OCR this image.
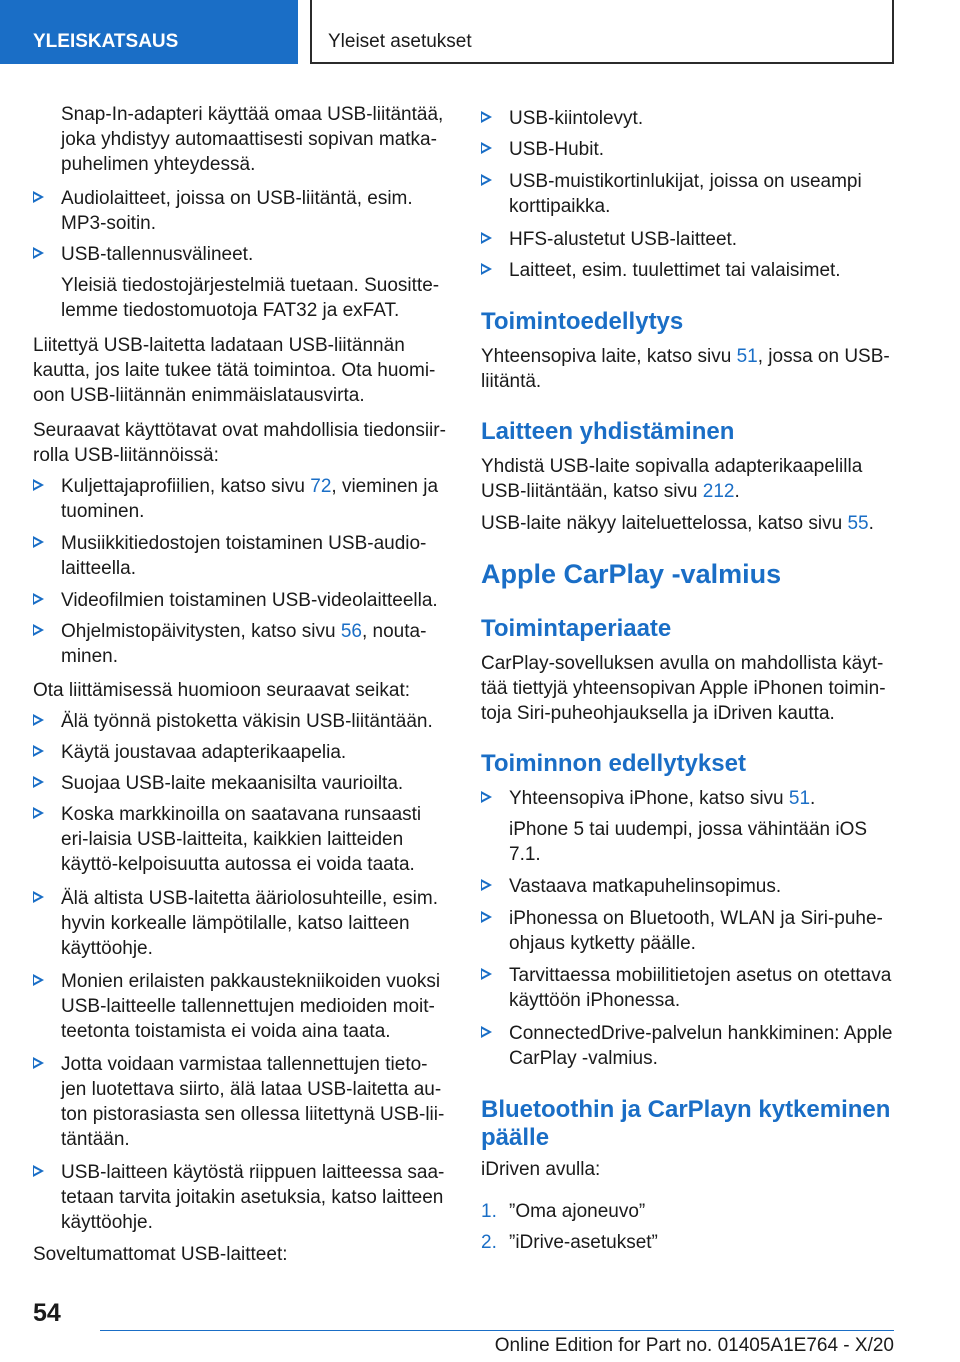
YLEISKATSAUS	Yleiset asetukset

Snap-In-adapteri käyttää omaa USB-liitäntää, joka yhdistyy automaattisesti sopivan matka-puhelimen yhteydessä.

Audiolaitteet, joissa on USB-liitäntä, esim. MP3-soitin.
USB-tallennusvälineet.

Yleisiä tiedostojärjestelmiä tuetaan. Suositte-lemme tiedostomuotoja FAT32 ja exFAT.

Liitettyä USB-laitetta ladataan USB-liitännän kautta, jos laite tukee tätä toimintoa. Ota huomi-oon USB-liitännän enimmäislatausvirta.

Seuraavat käyttötavat ovat mahdollisia tiedonsiir-rolla USB-liitännöissä:

Kuljettajaprofiilien, katso sivu 72, vieminen ja tuominen.
Musiikkitiedostojen toistaminen USB-audio-laitteella.
Videofilmien toistaminen USB-videolaitteella.
Ohjelmistopäivitysten, katso sivu 56, nouta-minen.

Ota liittämisessä huomioon seuraavat seikat:

Älä työnnä pistoketta väkisin USB-liitäntään.
Käytä joustavaa adapterikaapelia.
Suojaa USB-laite mekaanisilta vaurioilta.
Koska markkinoilla on saatavana runsaasti eri-laisia USB-laitteita, kaikkien laitteiden käyttö-kelpoisuutta autossa ei voida taata.
Älä altista USB-laitetta ääriolosuhteille, esim. hyvin korkealle lämpötilalle, katso laitteen käyttöohje.
Monien erilaisten pakkaustekniikoiden vuoksi USB-laitteelle tallennettujen medioiden moit-teetonta toistamista ei voida aina taata.
Jotta voidaan varmistaa tallennettujen tieto-jen luotettava siirto, älä lataa USB-laitetta au-ton pistorasiasta sen ollessa liitettynä USB-lii-täntään.
USB-laitteen käytöstä riippuen laitteessa saa-tetaan tarvita joitakin asetuksia, katso laitteen käyttöohje.

Soveltumattomat USB-laitteet:

USB-kiintolevyt.
USB-Hubit.
USB-muistikortinlukijat, joissa on useampi korttipaikka.
HFS-alustetut USB-laitteet.
Laitteet, esim. tuulettimet tai valaisimet.
Toimintoedellytys

Yhteensopiva laite, katso sivu 51, jossa on USB-liitäntä.

Laitteen yhdistäminen

Yhdistä USB-laite sopivalla adapterikaapelilla USB-liitäntään, katso sivu 212.

USB-laite näkyy laiteluettelossa, katso sivu 55.

Apple CarPlay -valmius
Toimintaperiaate

CarPlay-sovelluksen avulla on mahdollista käyt-tää tiettyjä yhteensopivan Apple iPhonen toimin-toja Siri-puheohjauksella ja iDriven kautta.

Toiminnon edellytykset
Yhteensopiva iPhone, katso sivu 51.

iPhone 5 tai uudempi, jossa vähintään iOS 7.1.

Vastaava matkapuhelinsopimus.
iPhonessa on Bluetooth, WLAN ja Siri-puhe-ohjaus kytketty päälle.
Tarvittaessa mobiilitietojen asetus on otettava käyttöön iPhonessa.
ConnectedDrive-palvelun hankkiminen: Apple CarPlay -valmius.
Bluetoothin ja CarPlayn kytkeminen päälle

iDriven avulla:

1. ”Oma ajoneuvo”
2. ”iDrive-asetukset”
54
Online Edition for Part no. 01405A1E764 - X/20
